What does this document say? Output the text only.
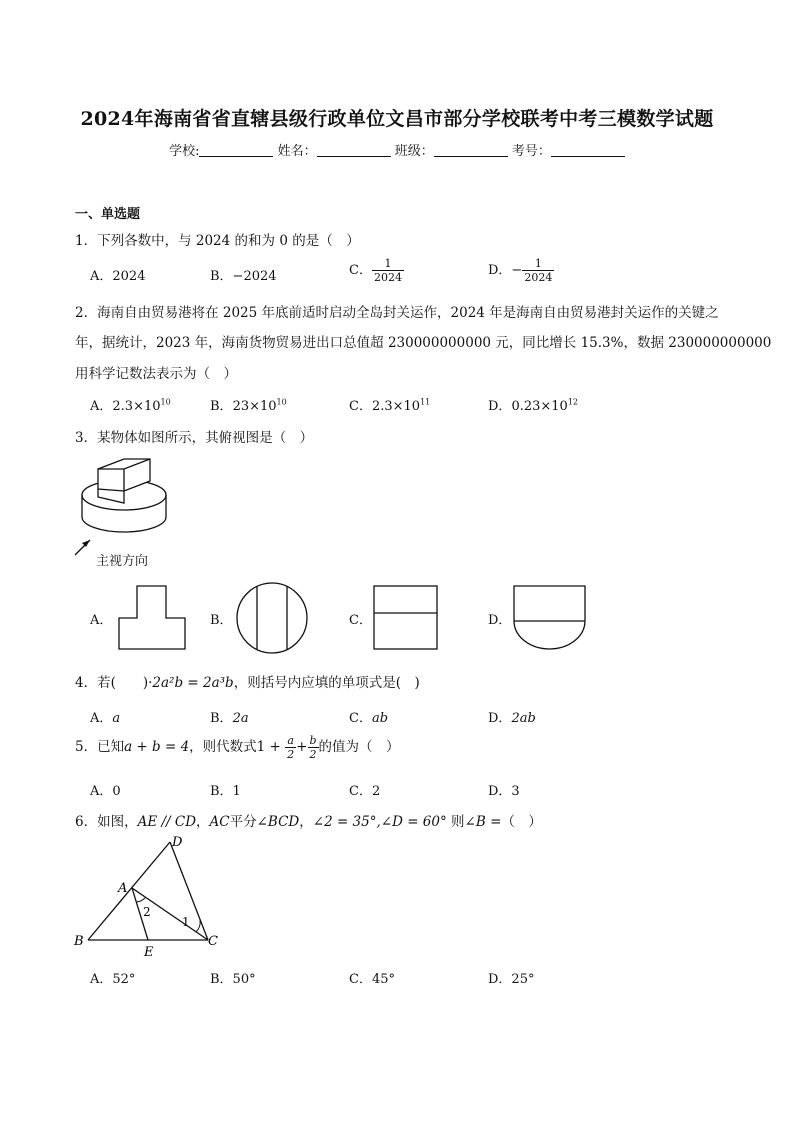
2024年海南省省直辖县级行政单位文昌市部分学校联考中考三模数学试题
学校:	姓名：	班级：	考号：
一、单选题
1．下列各数中，与 2024 的和为 0 的是（　）
A．2024	B．−2024	C． $\frac{1}{2024}$	D．− $\frac{1}{2024}$
2．海南自由贸易港将在 2025 年底前适时启动全岛封关运作，2024 年是海南自由贸易港封关运作的关键之
年，据统计，2023 年，海南货物贸易进出口总值超 230000000000 元，同比增长 15.3%，数据 230000000000
用科学记数法表示为（　）
A．$2.3\times 10^{10}$	B．$23\times 10^{10}$	C．$2.3\times 10^{11}$	D．$0.23\times 10^{12}$
3．某物体如图所示，其俯视图是（　）
主视方向
A．	B．	C．	D．
4．若(　　)·2a²b = 2a³b，则括号内应填的单项式是(　)
A．a	B．2a	C．ab	D．2ab
5．已知a + b = 4，则代数式$1 + \frac{a}{2} + \frac{b}{2}$ 的值为（　）
A．0	B．1	C．2	D．3
6．如图，AE // CD，AC平分∠BCD，∠2 = 35°,∠D = 60° 则∠B =（　）
A
B	C
D
E
1
2
A．52°	B．50°	C．45°	D．25°
